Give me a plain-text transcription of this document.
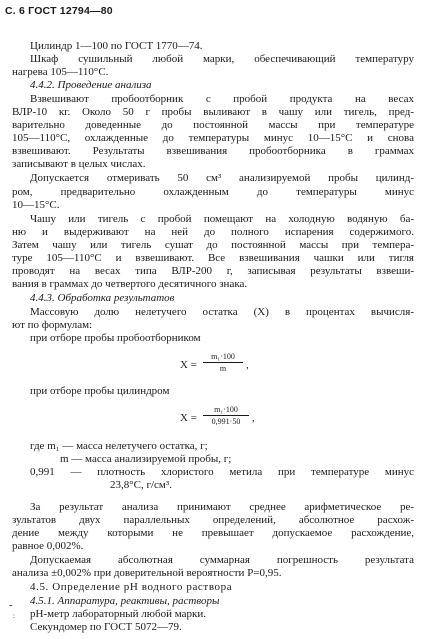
С. 6 ГОСТ 12794—80
Цилиндр 1—100 по ГОСТ 1770—74.
Шкаф сушильный любой марки, обеспечивающий температуру
нагрева 105—110°С.
4.4.2. Проведение анализа
Взвешивают пробоотборник с пробой продукта на весах
ВЛР-10 кг. Около 50 г пробы выливают в чашу или тигель, пред-
варительно доведенные до постоянной массы при температуре
105—110°С, охлажденные до температуры минус 10—15°С и снова
взвешивают. Результаты взвешивания пробоотборника в граммах
записывают в целых числах.
Допускается отмеривать 50 см³ анализируемой пробы цилинд-
ром, предварительно охлажденным до температуры минус
10—15°С.
Чашу или тигель с пробой помещают на холодную водяную ба-
ню и выдерживают на ней до полного испарения содержимого.
Затем чашу или тигель сушат до постоянной массы при темпера-
туре 105—110°С и взвешивают. Все взвешивания чашки или тигля
проводят на весах типа ВЛР-200 г, записывая результаты взвеши-
вания в граммах до четвертого десятичного знака.
4.4.3. Обработка результатов
Массовую долю нелетучего остатка (X) в процентах вычисля-
ют по формулам:
при отборе пробы пробоотборником
X =
m₁·100
m	,
при отборе пробы цилиндром
X =
m₁·100
0,991·50	,
где m₁ — масса нелетучего остатка, г;
m — масса анализируемой пробы, г;
0,991 — плотность хлористого метила при температуре минус
23,8°С, г/см³.
За результат анализа принимают среднее арифметическое ре-
зультатов двух параллельных определений, абсолютное расхож-
дение между которыми не превышает допускаемое расхождение,
равное 0,002%.
Допускаемая абсолютная суммарная погрешность результата
анализа ±0,002% при доверительной вероятности P=0,95.
4.5. Определение pH водного раствора
4.5.1. Аппаратура, реактивы, растворы
pH-метр лабораторный любой марки.
Секундомер по ГОСТ 5072—79.
-
:
